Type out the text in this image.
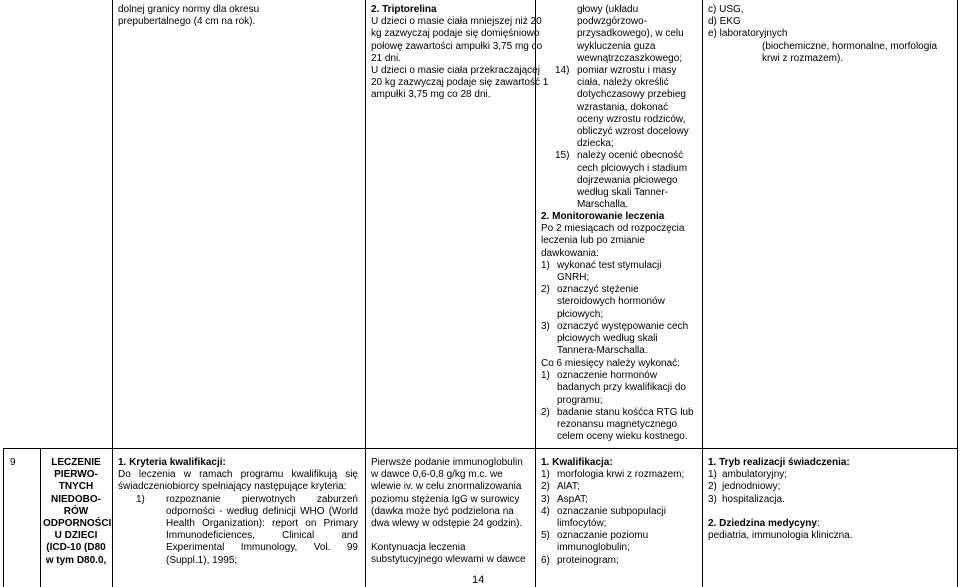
dolnej granicy normy dla okresu prepubertalnego (4 cm na rok).

2. Triptorelina

U dzieci o masie ciała mniejszej niż 20 kg zazwyczaj podaje się domięśniowo połowę zawartości ampułki 3,75 mg co 21 dni.

U dzieci o masie ciała przekraczającej 20 kg zazwyczaj podaje się zawartość 1 ampułki 3,75 mg co 28 dni.

głowy (układu podwzgórzowo-przysadkowego), w celu wykluczenia guza wewnątrzczaszkowego;

14) pomiar wzrostu i masy ciała, należy określić dotychczasowy przebieg wzrastania, dokonać oceny wzrostu rodziców, obliczyć wzrost docelowy dziecka;
15) należy ocenić obecność cech płciowych i stadium dojrzewania płciowego według skali Tanner-Marschalla.

2. Monitorowanie leczenia

Po 2 miesiącach od rozpoczęcia leczenia lub po zmianie dawkowania:

1) wykonać test stymulacji GNRH;
2) oznaczyć stężenie steroidowych hormonów płciowych;
3) oznaczyć występowanie cech płciowych według skali Tannera-Marschalla.

Co 6 miesięcy należy wykonać:

1) oznaczenie hormonów badanych przy kwalifikacji do programu;
2) badanie stanu kośćca RTG lub rezonansu magnetycznego celem oceny wieku kostnego.

c) USG,

d) EKG

e) laboratoryjnych

(biochemiczne, hormonalne, morfologia krwi z rozmazem).

9	LECZENIE PIERWO-TNYCH NIEDOBO-RÓW ODPORNOŚCI U DZIECI (ICD-10 (D80 w tym D80.0,

1. Kryteria kwalifikacji:

Do leczenia w ramach programu kwalifikują się świadczeniobiorcy spełniający następujące kryteria:

1) rozpoznanie pierwotnych zaburzeń odporności - według definicji WHO (World Health Organization): report on Primary Immunodeficiences, Clinical and Experimental Immunology, Vol. 99 (Suppl.1), 1995;

Pierwsze podanie immunoglobulin w dawce 0,6-0,8 g/kg m.c. we wlewie iv. w celu znormalizowania poziomu stężenia IgG w surowicy (dawka może być podzielona na dwa wlewy w odstępie 24 godzin).

Kontynuacja leczenia substytucyjnego wlewami w dawce

1. Kwalifikacja:

1) morfologia krwi z rozmazem;
2) AlAT;
3) AspAT;
4) oznaczanie subpopulacji limfocytów;
5) oznaczanie poziomu immunoglobulin;
6) proteinogram;

1. Tryb realizacji świadczenia:

1) ambulatoryjny;
2) jednodniowy;
3) hospitalizacja.

2. Dziedzina medycyny:

pediatria, immunologia kliniczna.

14
